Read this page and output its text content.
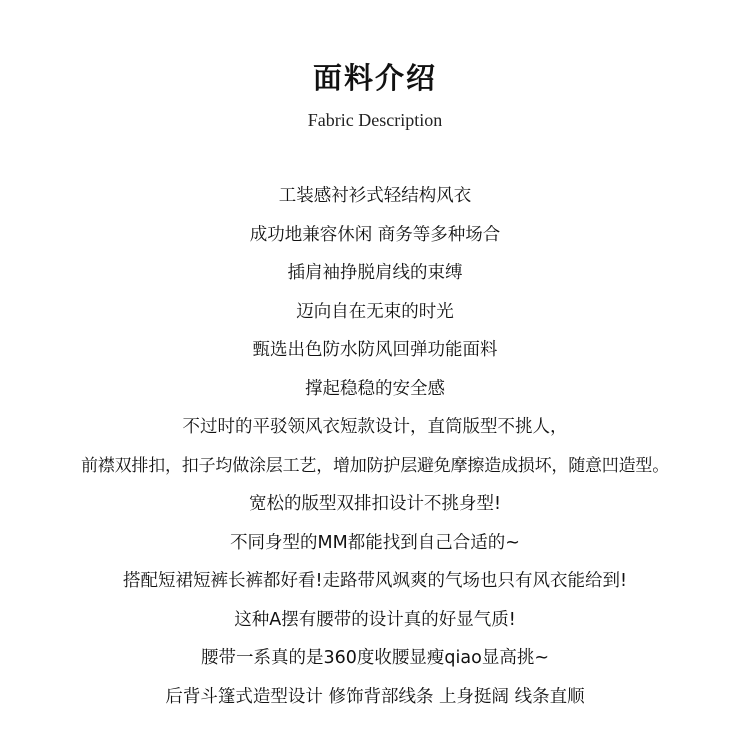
面料介绍
Fabric Description
工装感衬衫式轻结构风衣
成功地兼容休闲 商务等多种场合
插肩袖挣脱肩线的束缚
迈向自在无束的时光
甄选出色防水防风回弹功能面料
撑起稳稳的安全感
不过时的平驳领风衣短款设计，直筒版型不挑人，
前襟双排扣，扣子均做涂层工艺，增加防护层避免摩擦造成损坏，随意凹造型。
宽松的版型双排扣设计不挑身型!
不同身型的MM都能找到自己合适的~
搭配短裙短裤长裤都好看!走路带风飒爽的气场也只有风衣能给到!
这种A摆有腰带的设计真的好显气质!
腰带一系真的是360度收腰显瘦qiao显高挑~
后背斗篷式造型设计 修饰背部线条 上身挺阔 线条直顺
